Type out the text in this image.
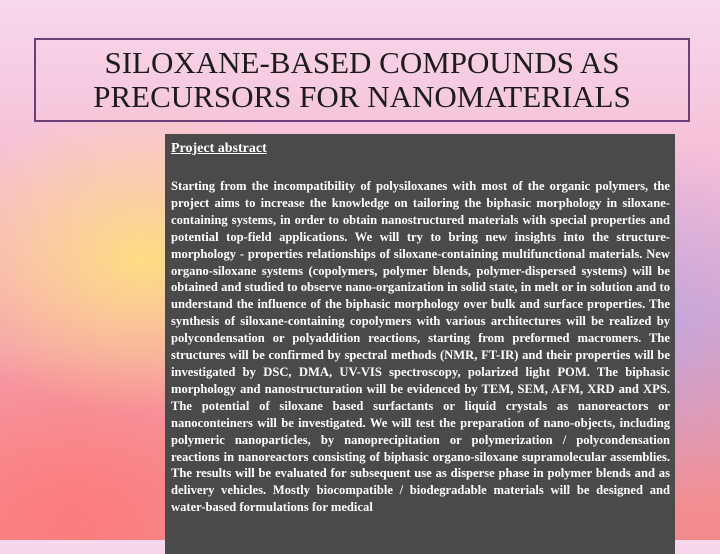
SILOXANE-BASED COMPOUNDS AS
PRECURSORS FOR NANOMATERIALS
Project abstract

Starting from the incompatibility of polysiloxanes with most of the organic polymers, the project aims to increase the knowledge on tailoring the biphasic morphology in siloxane-containing systems, in order to obtain nanostructured materials with special properties and potential top-field applications. We will try to bring new insights into the structure-morphology - properties relationships of siloxane-containing multifunctional materials. New organo-siloxane systems (copolymers, polymer blends, polymer-dispersed systems) will be obtained and studied to observe nano-organization in solid state, in melt or in solution and to understand the influence of the biphasic morphology over bulk and surface properties. The synthesis of siloxane-containing copolymers with various architectures will be realized by polycondensation or polyaddition reactions, starting from preformed macromers. The structures will be confirmed by spectral methods (NMR, FT-IR) and their properties will be investigated by DSC, DMA, UV-VIS spectroscopy, polarized light POM. The biphasic morphology and nanostructuration will be evidenced by TEM, SEM, AFM, XRD and XPS. The potential of siloxane based surfactants or liquid crystals as nanoreactors or nanoconteiners will be investigated. We will test the preparation of nano-objects, including polymeric nanoparticles, by nanoprecipitation or polymerization / polycondensation reactions in nanoreactors consisting of biphasic organo-siloxane supramolecular assemblies. The results will be evaluated for subsequent use as disperse phase in polymer blends and as delivery vehicles. Mostly biocompatible / biodegradable materials will be designed and water-based formulations for medical
